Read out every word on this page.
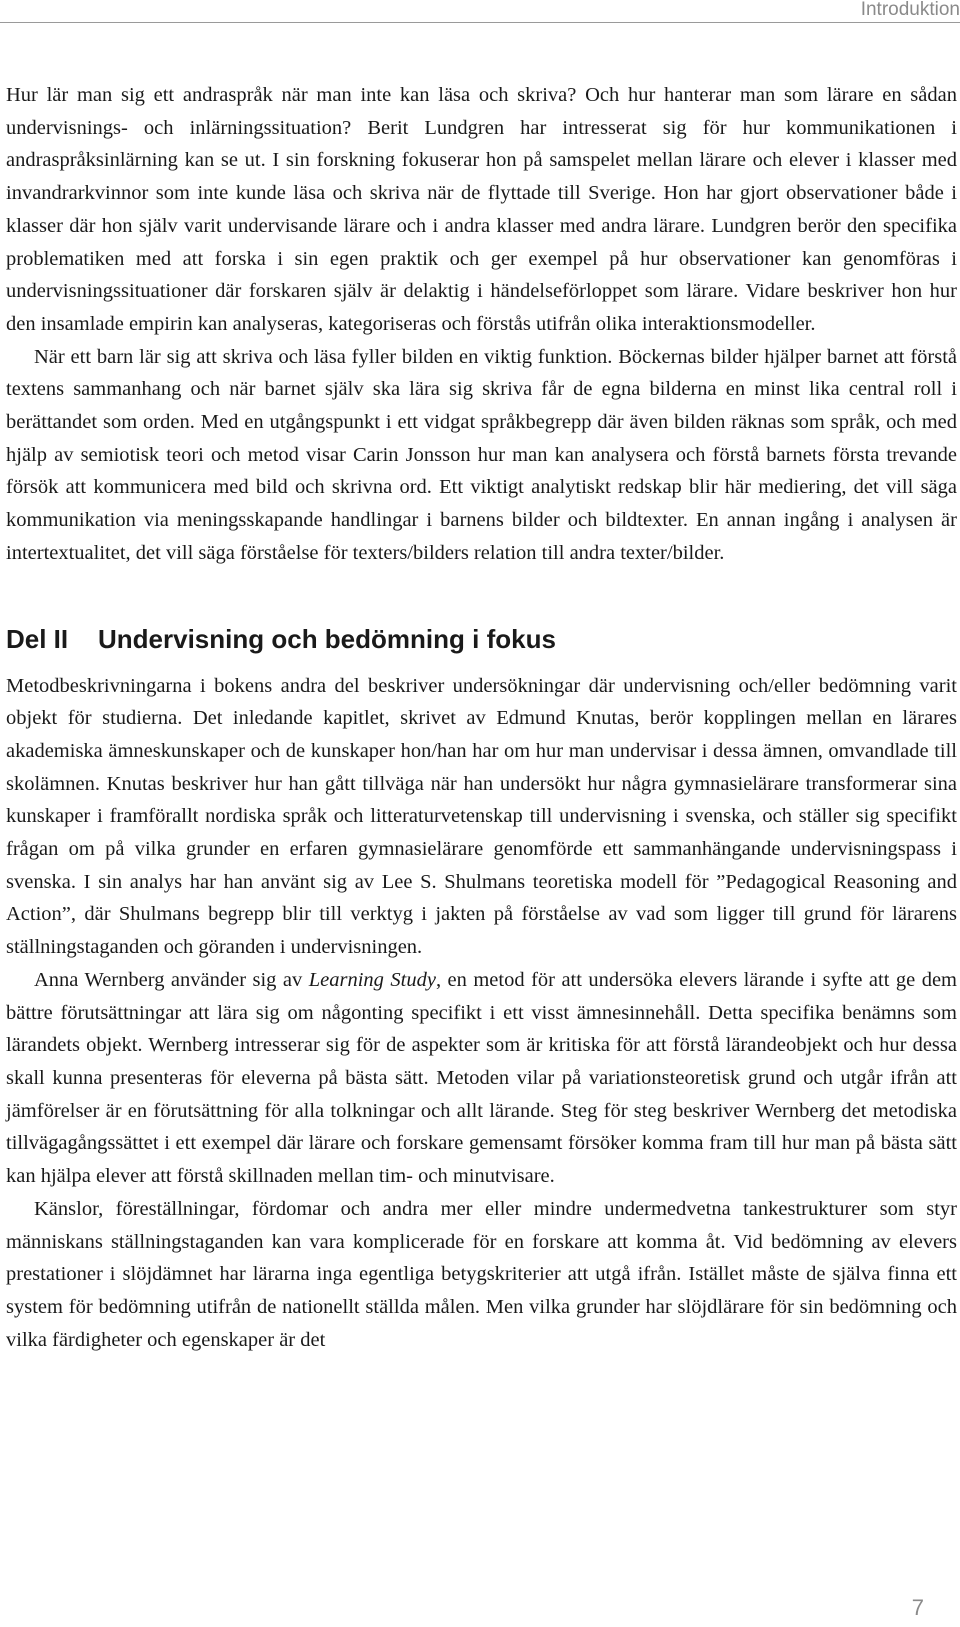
Introduktion

Hur lär man sig ett andraspråk när man inte kan läsa och skriva? Och hur hanterar man som lärare en sådan undervisnings- och inlärningssituation? Berit Lundgren har intresserat sig för hur kommunikationen i andraspråksinlärning kan se ut. I sin forskning fokuserar hon på samspelet mellan lärare och elever i klasser med invandrarkvinnor som inte kunde läsa och skriva när de flyttade till Sverige. Hon har gjort observationer både i klasser där hon själv varit undervisande lärare och i andra klasser med andra lärare. Lundgren berör den specifika problematiken med att forska i sin egen praktik och ger exempel på hur observationer kan genomföras i undervisningssituationer där forskaren själv är delaktig i händelseförloppet som lärare. Vidare beskriver hon hur den insamlade empirin kan analyseras, kategoriseras och förstås utifrån olika interaktionsmodeller.

När ett barn lär sig att skriva och läsa fyller bilden en viktig funktion. Böckernas bilder hjälper barnet att förstå textens sammanhang och när barnet själv ska lära sig skriva får de egna bilderna en minst lika central roll i berättandet som orden. Med en utgångspunkt i ett vidgat språkbegrepp där även bilden räknas som språk, och med hjälp av semiotisk teori och metod visar Carin Jonsson hur man kan analysera och förstå barnets första trevande försök att kommunicera med bild och skrivna ord. Ett viktigt analytiskt redskap blir här mediering, det vill säga kommunikation via meningsskapande handlingar i barnens bilder och bildtexter. En annan ingång i analysen är intertextualitet, det vill säga förståelse för texters/bilders relation till andra texter/bilder.

Del II	Undervisning och bedömning i fokus

Metodbeskrivningarna i bokens andra del beskriver undersökningar där undervisning och/eller bedömning varit objekt för studierna. Det inledande kapitlet, skrivet av Edmund Knutas, berör kopplingen mellan en lärares akademiska ämneskunskaper och de kunskaper hon/han har om hur man undervisar i dessa ämnen, omvandlade till skolämnen. Knutas beskriver hur han gått tillväga när han undersökt hur några gymnasielärare transformerar sina kunskaper i framförallt nordiska språk och litteraturvetenskap till undervisning i svenska, och ställer sig specifikt frågan om på vilka grunder en erfaren gymnasielärare genomförde ett sammanhängande undervisningspass i svenska. I sin analys har han använt sig av Lee S. Shulmans teoretiska modell för ”Pedagogical Reasoning and Action”, där Shulmans begrepp blir till verktyg i jakten på förståelse av vad som ligger till grund för lärarens ställningstaganden och göranden i undervisningen.

Anna Wernberg använder sig av Learning Study, en metod för att undersöka elevers lärande i syfte att ge dem bättre förutsättningar att lära sig om någonting specifikt i ett visst ämnesinnehåll. Detta specifika benämns som lärandets objekt. Wernberg intresserar sig för de aspekter som är kritiska för att förstå lärandeobjekt och hur dessa skall kunna presenteras för eleverna på bästa sätt. Metoden vilar på variationsteoretisk grund och utgår ifrån att jämförelser är en förutsättning för alla tolkningar och allt lärande. Steg för steg beskriver Wernberg det metodiska tillvägagångssättet i ett exempel där lärare och forskare gemensamt försöker komma fram till hur man på bästa sätt kan hjälpa elever att förstå skillnaden mellan tim- och minutvisare.

Känslor, föreställningar, fördomar och andra mer eller mindre undermedvetna tankestrukturer som styr människans ställningstaganden kan vara komplicerade för en forskare att komma åt. Vid bedömning av elevers prestationer i slöjdämnet har lärarna inga egentliga betygskriterier att utgå ifrån. Istället måste de själva finna ett system för bedömning utifrån de nationellt ställda målen. Men vilka grunder har slöjdlärare för sin bedömning och vilka färdigheter och egenskaper är det

7
